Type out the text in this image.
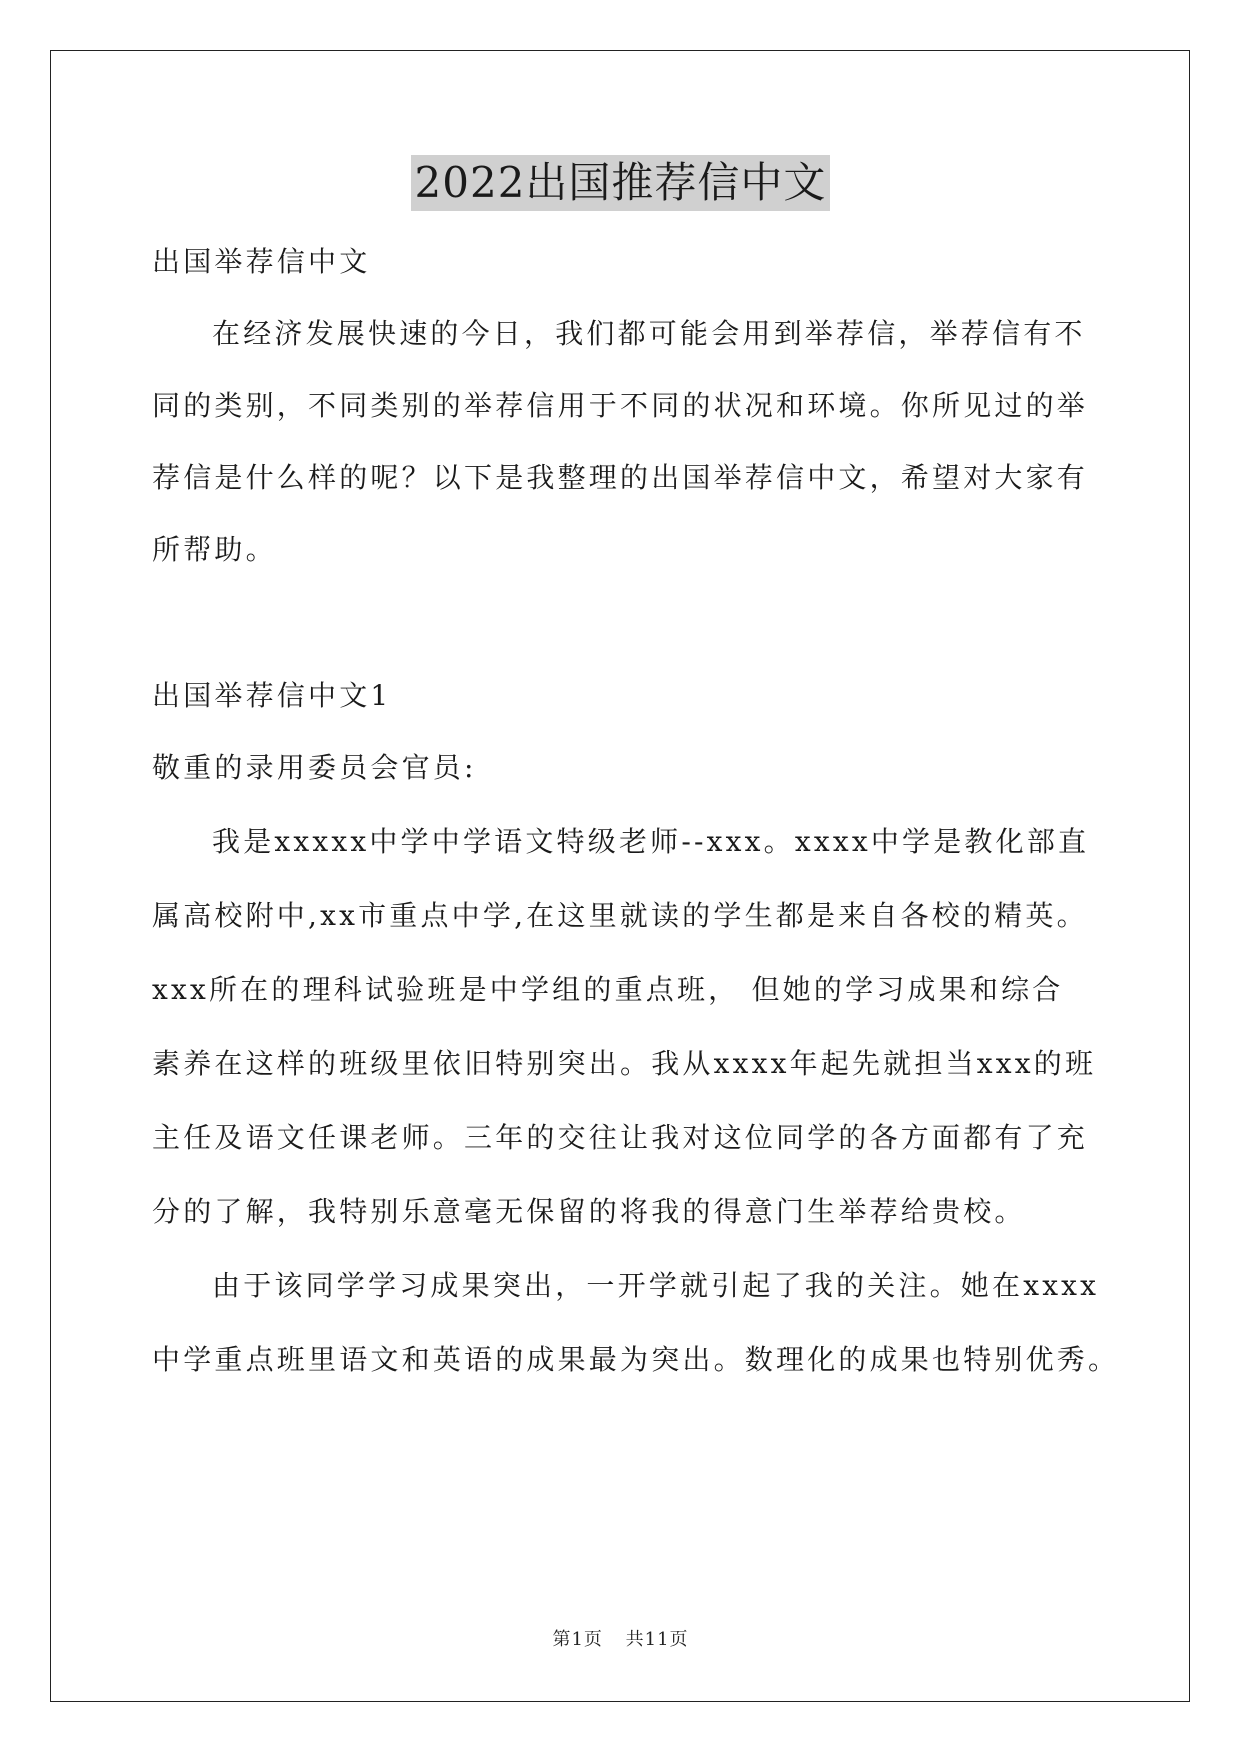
2022出国推荐信中文
出国举荐信中文
在经济发展快速的今日，我们都可能会用到举荐信，举荐信有不
同的类别，不同类别的举荐信用于不同的状况和环境。你所见过的举
荐信是什么样的呢？以下是我整理的出国举荐信中文，希望对大家有
所帮助。
出国举荐信中文1
敬重的录用委员会官员:
我是xxxxx中学中学语文特级老师--xxx。xxxx中学是教化部直
属高校附中,xx市重点中学,在这里就读的学生都是来自各校的精英。
xxx所在的理科试验班是中学组的重点班， 但她的学习成果和综合
素养在这样的班级里依旧特别突出。我从xxxx年起先就担当xxx的班
主任及语文任课老师。三年的交往让我对这位同学的各方面都有了充
分的了解，我特别乐意毫无保留的将我的得意门生举荐给贵校。
由于该同学学习成果突出，一开学就引起了我的关注。她在xxxx
中学重点班里语文和英语的成果最为突出。数理化的成果也特别优秀。
第1页 共11页
